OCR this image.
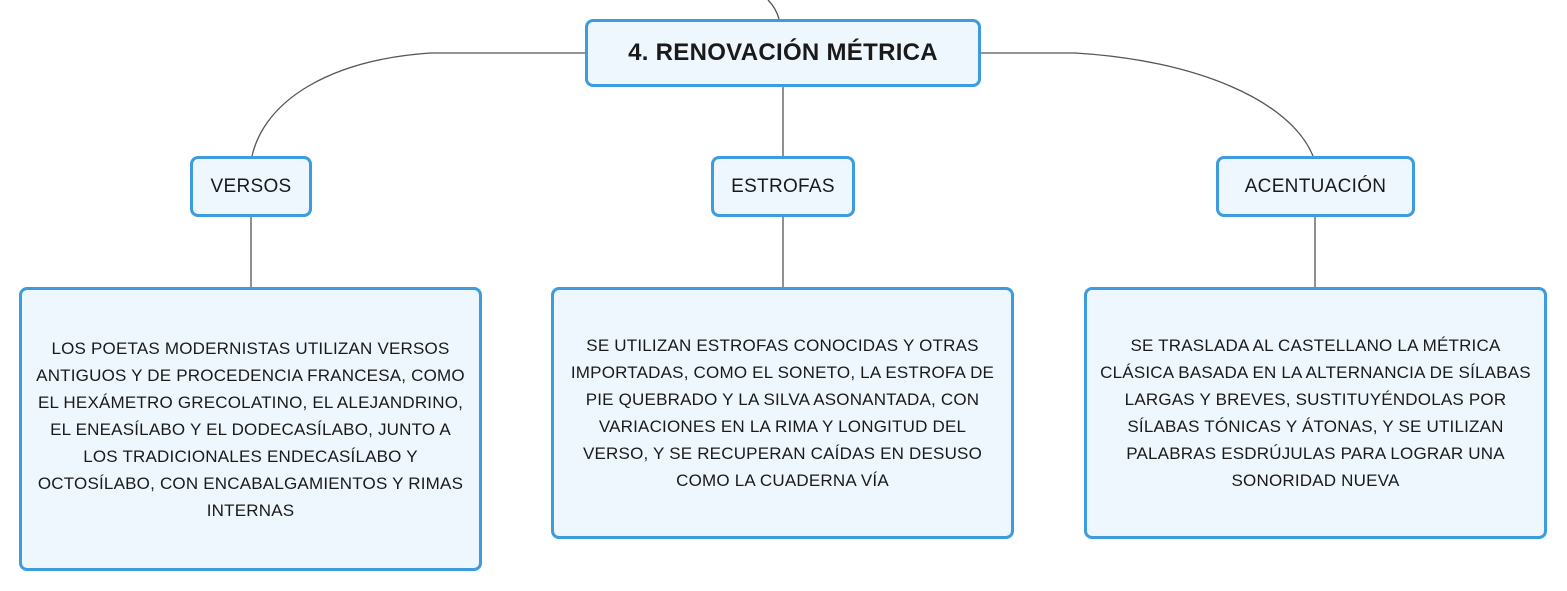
4. RENOVACIÓN MÉTRICA
VERSOS	ESTROFAS	ACENTUACIÓN
LOS POETAS MODERNISTAS UTILIZAN VERSOS ANTIGUOS Y DE PROCEDENCIA FRANCESA, COMO EL HEXÁMETRO GRECOLATINO, EL ALEJANDRINO, EL ENEASÍLABO Y EL DODECASÍLABO, JUNTO A LOS TRADICIONALES ENDECASÍLABO Y OCTOSÍLABO, CON ENCABALGAMIENTOS Y RIMAS INTERNAS
SE UTILIZAN ESTROFAS CONOCIDAS Y OTRAS IMPORTADAS, COMO EL SONETO, LA ESTROFA DE PIE QUEBRADO Y LA SILVA ASONANTADA, CON VARIACIONES EN LA RIMA Y LONGITUD DEL VERSO, Y SE RECUPERAN CAÍDAS EN DESUSO COMO LA CUADERNA VÍA
SE TRASLADA AL CASTELLANO LA MÉTRICA CLÁSICA BASADA EN LA ALTERNANCIA DE SÍLABAS LARGAS Y BREVES, SUSTITUYÉNDOLAS POR SÍLABAS TÓNICAS Y ÁTONAS, Y SE UTILIZAN PALABRAS ESDRÚJULAS PARA LOGRAR UNA SONORIDAD NUEVA
